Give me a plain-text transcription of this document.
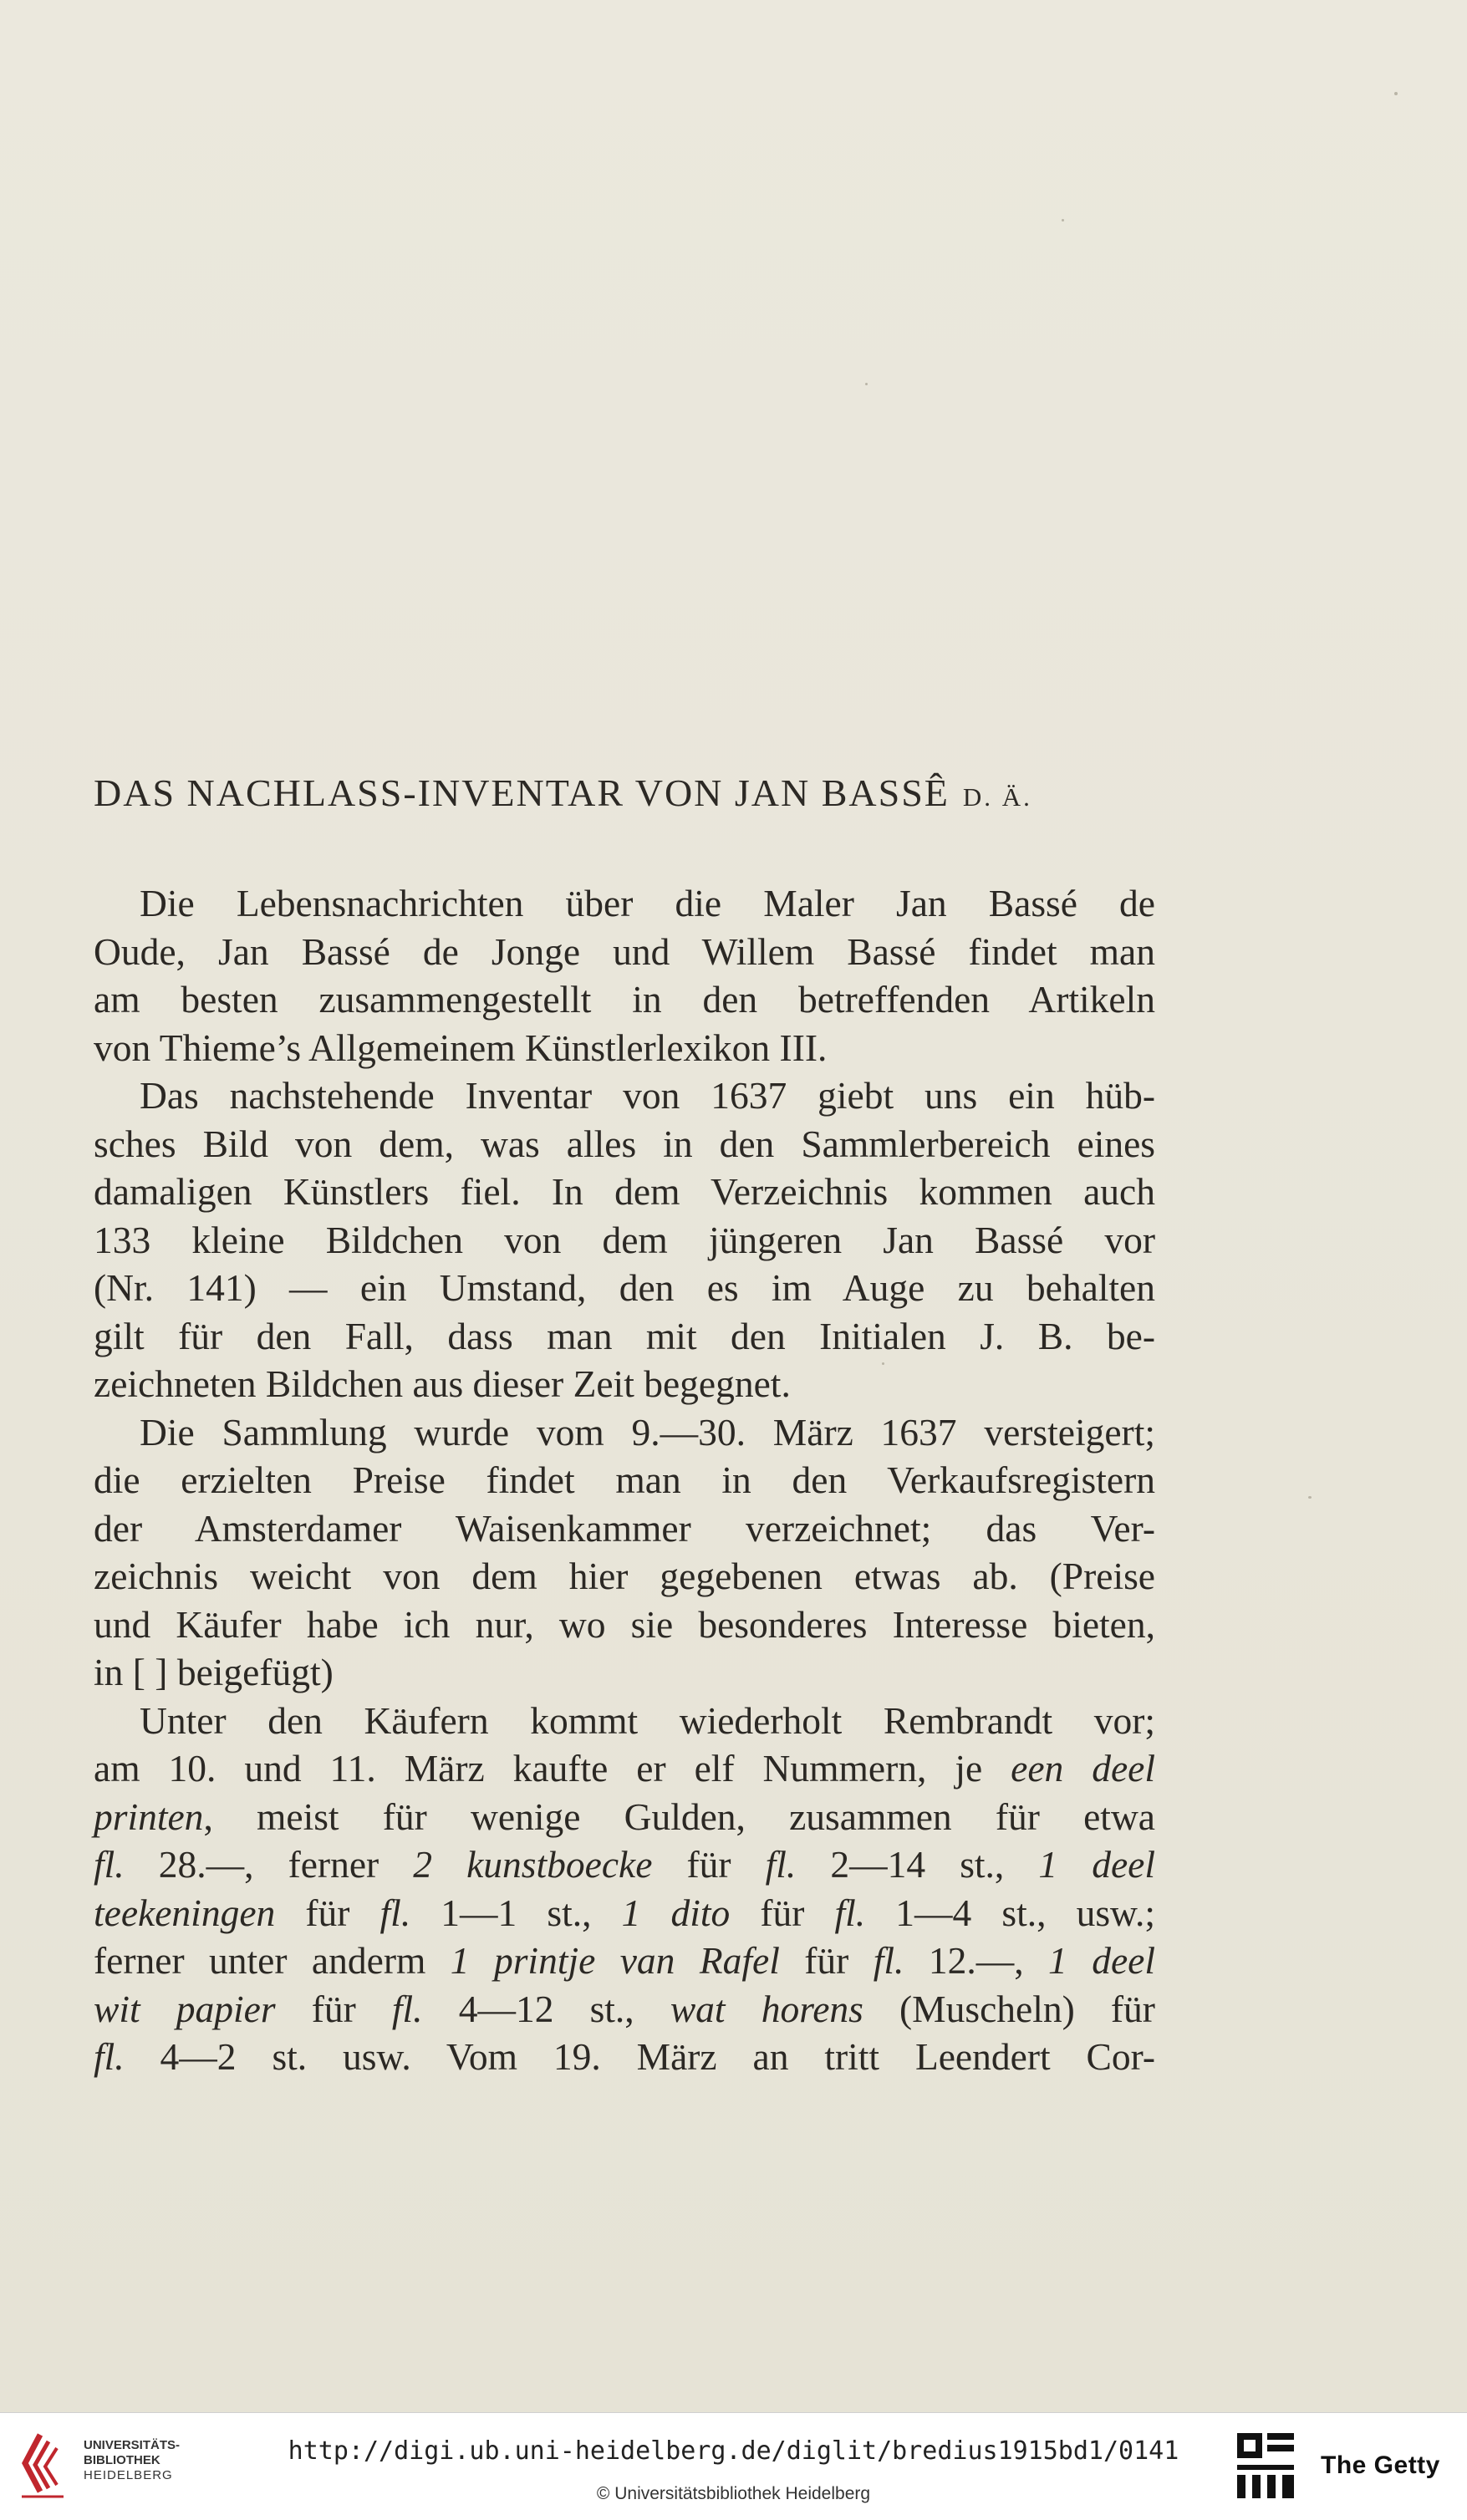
DAS NACHLASS-INVENTAR VON JAN BASSÊ D. Ä.
Die Lebensnachrichten über die Maler Jan Bassé de
Oude, Jan Bassé de Jonge und Willem Bassé findet man
am besten zusammengestellt in den betreffenden Artikeln
von Thieme’s Allgemeinem Künstlerlexikon III.
Das nachstehende Inventar von 1637 giebt uns ein hüb-
sches Bild von dem, was alles in den Sammlerbereich eines
damaligen Künstlers fiel. In dem Verzeichnis kommen auch
133 kleine Bildchen von dem jüngeren Jan Bassé vor
(Nr. 141) — ein Umstand, den es im Auge zu behalten
gilt für den Fall, dass man mit den Initialen J. B. be-
zeichneten Bildchen aus dieser Zeit begegnet.
Die Sammlung wurde vom 9.—30. März 1637 versteigert;
die erzielten Preise findet man in den Verkaufsregistern
der Amsterdamer Waisenkammer verzeichnet; das Ver-
zeichnis weicht von dem hier gegebenen etwas ab. (Preise
und Käufer habe ich nur, wo sie besonderes Interesse bieten,
in [ ] beigefügt)
Unter den Käufern kommt wiederholt Rembrandt vor;
am 10. und 11. März kaufte er elf Nummern, je een deel
printen, meist für wenige Gulden, zusammen für etwa
fl. 28.—, ferner 2 kunstboecke für fl. 2—14 st., 1 deel
teekeningen für fl. 1—1 st., 1 dito für fl. 1—4 st., usw.;
ferner unter anderm 1 printje van Rafel für fl. 12.—, 1 deel
wit papier für fl. 4—12 st., wat horens (Muscheln) für
fl. 4—2 st. usw. Vom 19. März an tritt Leendert Cor-
UNIVERSITÄTS-
BIBLIOTHEK
HEIDELBERG
http://digi.ub.uni-heidelberg.de/diglit/bredius1915bd1/0141
© Universitätsbibliothek Heidelberg
The Getty
